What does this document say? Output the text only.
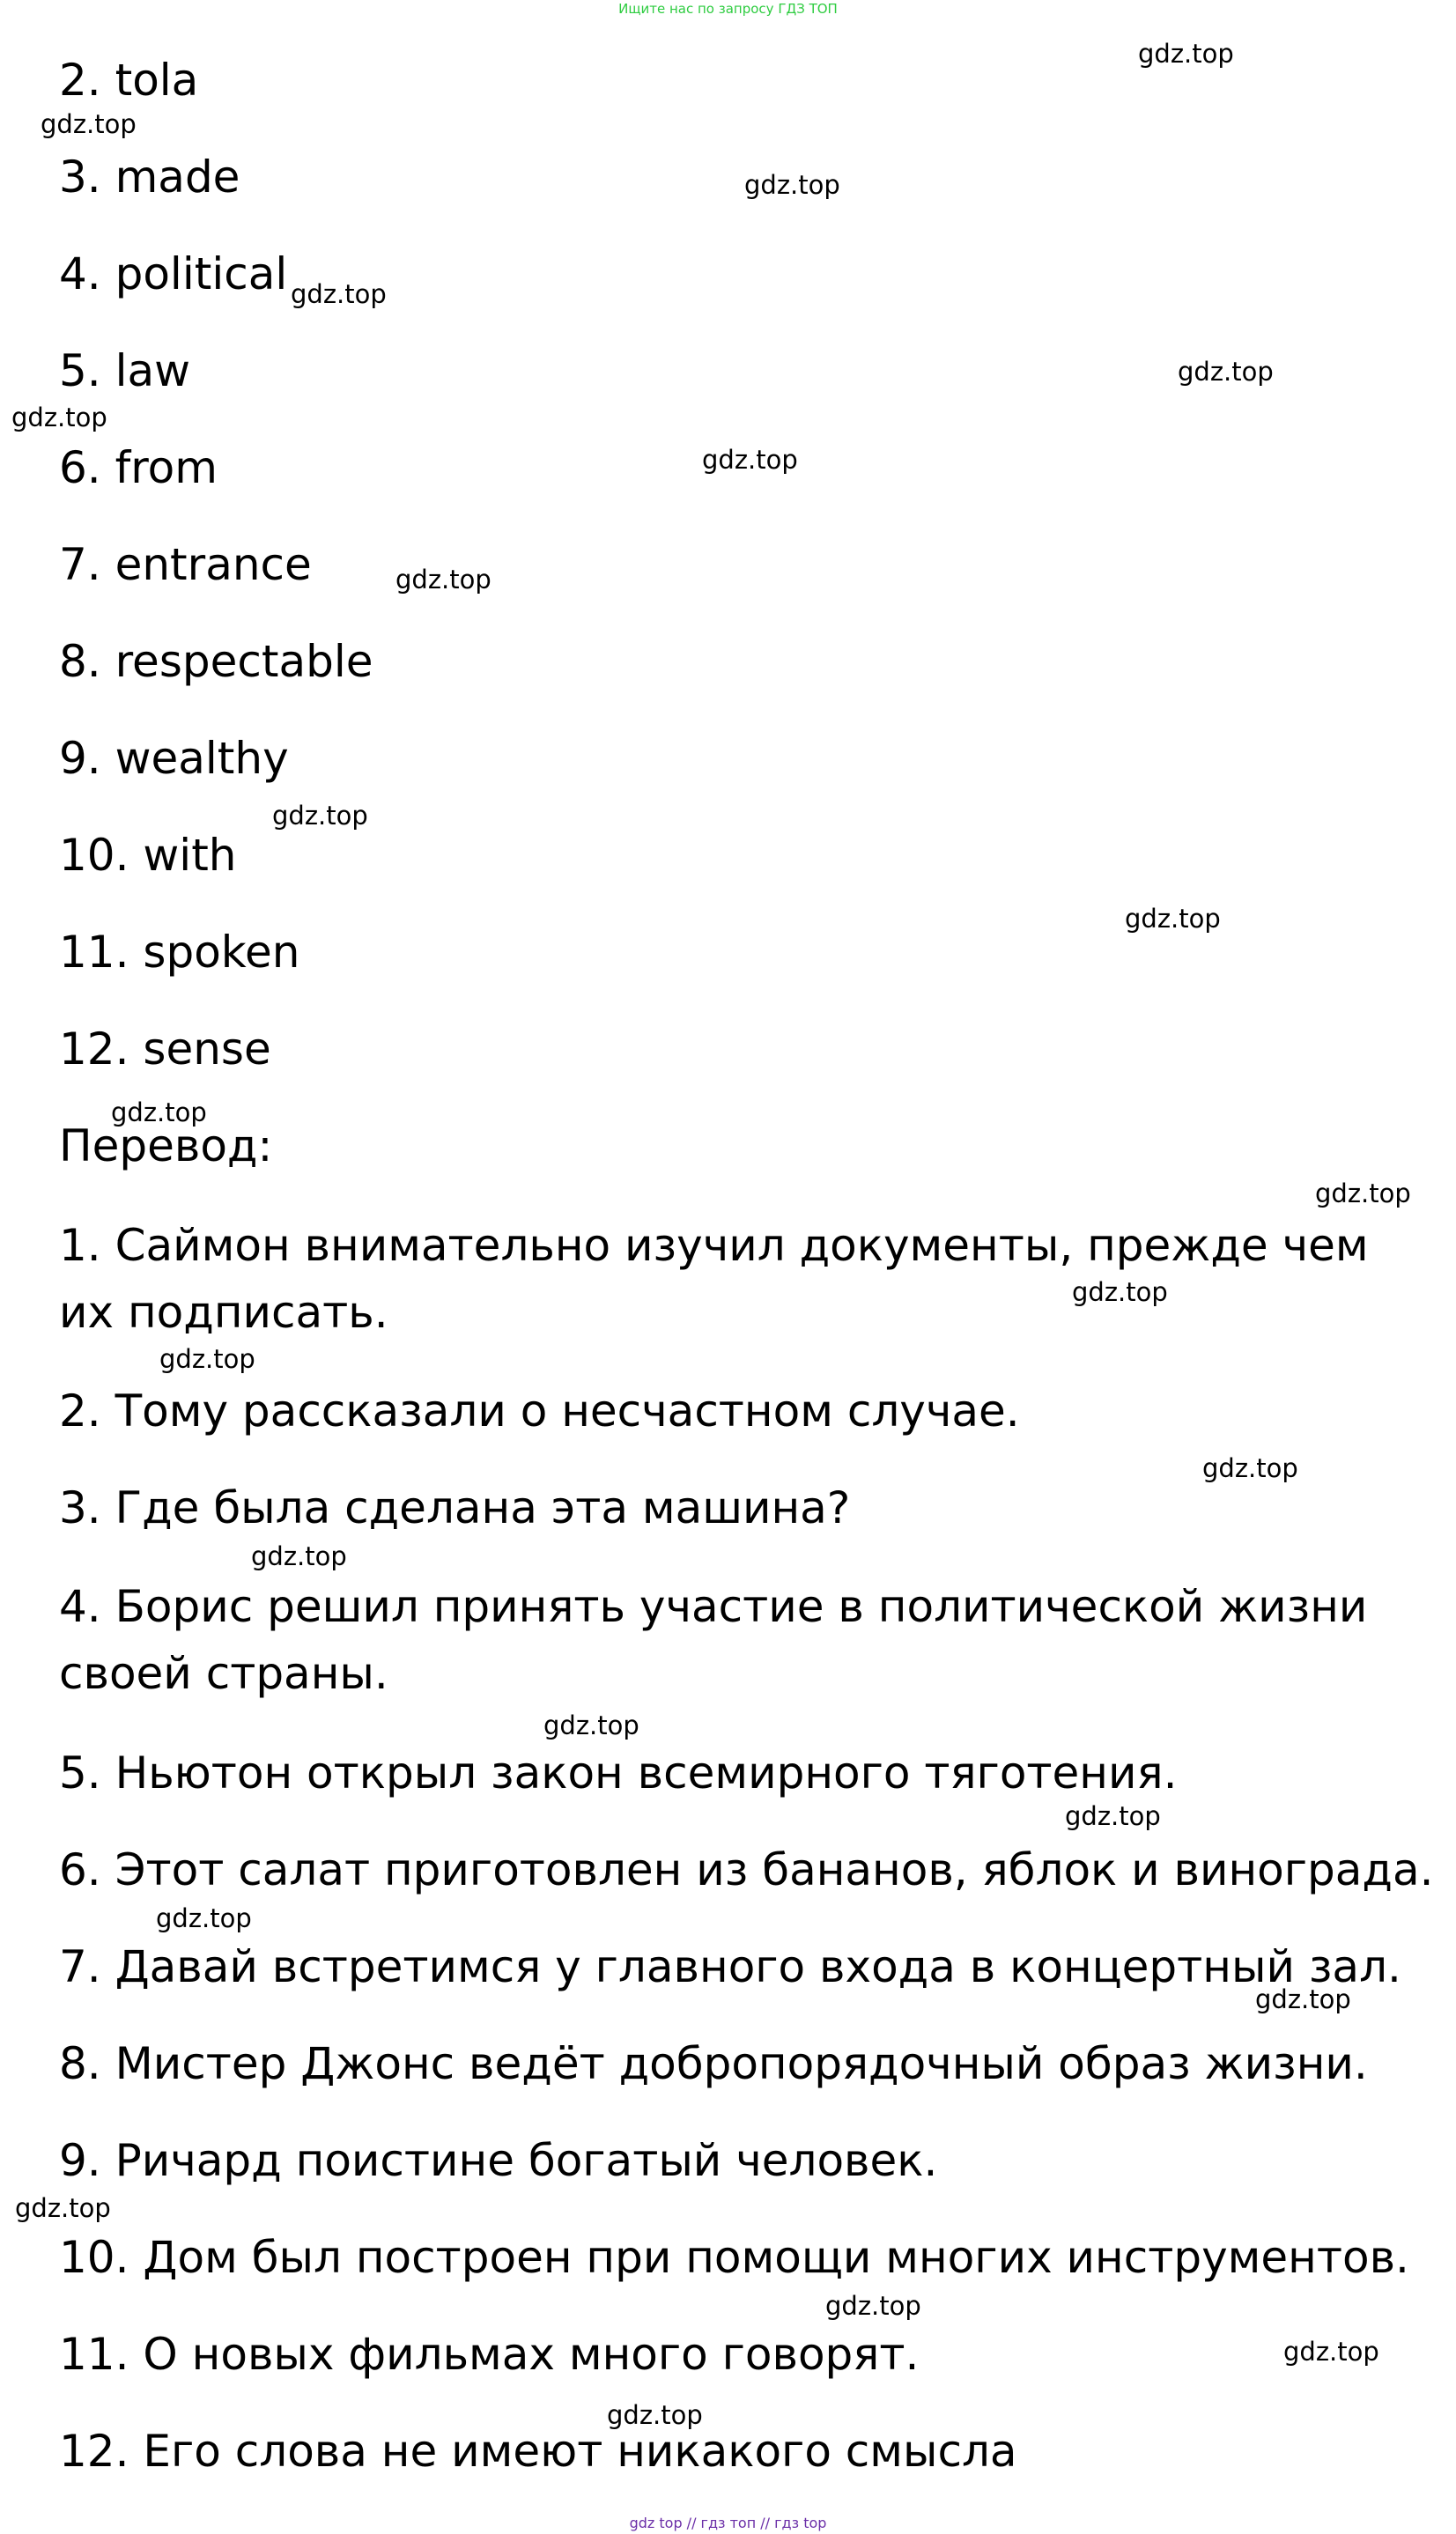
Ищите нас по запросу ГДЗ ТОП
2. tola
3. made
4. political
5. law
6. from
7. entrance
8. respectable
9. wealthy
10. with
11. spoken
12. sense
Перевод:
1. Саймон внимательно изучил документы, прежде чем их подписать.
2. Тому рассказали о несчастном случае.
3. Где была сделана эта машина?
4. Борис решил принять участие в политической жизни своей страны.
5. Ньютон открыл закон всемирного тяготения.
6. Этот салат приготовлен из бананов, яблок и винограда.
7. Давай встретимся у главного входа в концертный зал.
8. Мистер Джонс ведёт добропорядочный образ жизни.
9. Ричард поистине богатый человек.
10. Дом был построен при помощи многих инструментов.
11. О новых фильмах много говорят.
12. Его слова не имеют никакого смысла
gdz.top
gdz.top
gdz.top
gdz.top
gdz.top
gdz.top
gdz.top
gdz.top
gdz.top
gdz.top
gdz.top
gdz.top
gdz.top
gdz.top
gdz.top
gdz.top
gdz.top
gdz.top
gdz.top
gdz.top
gdz.top
gdz.top
gdz.top
gdz.top
gdz top // гдз топ // гдз top
